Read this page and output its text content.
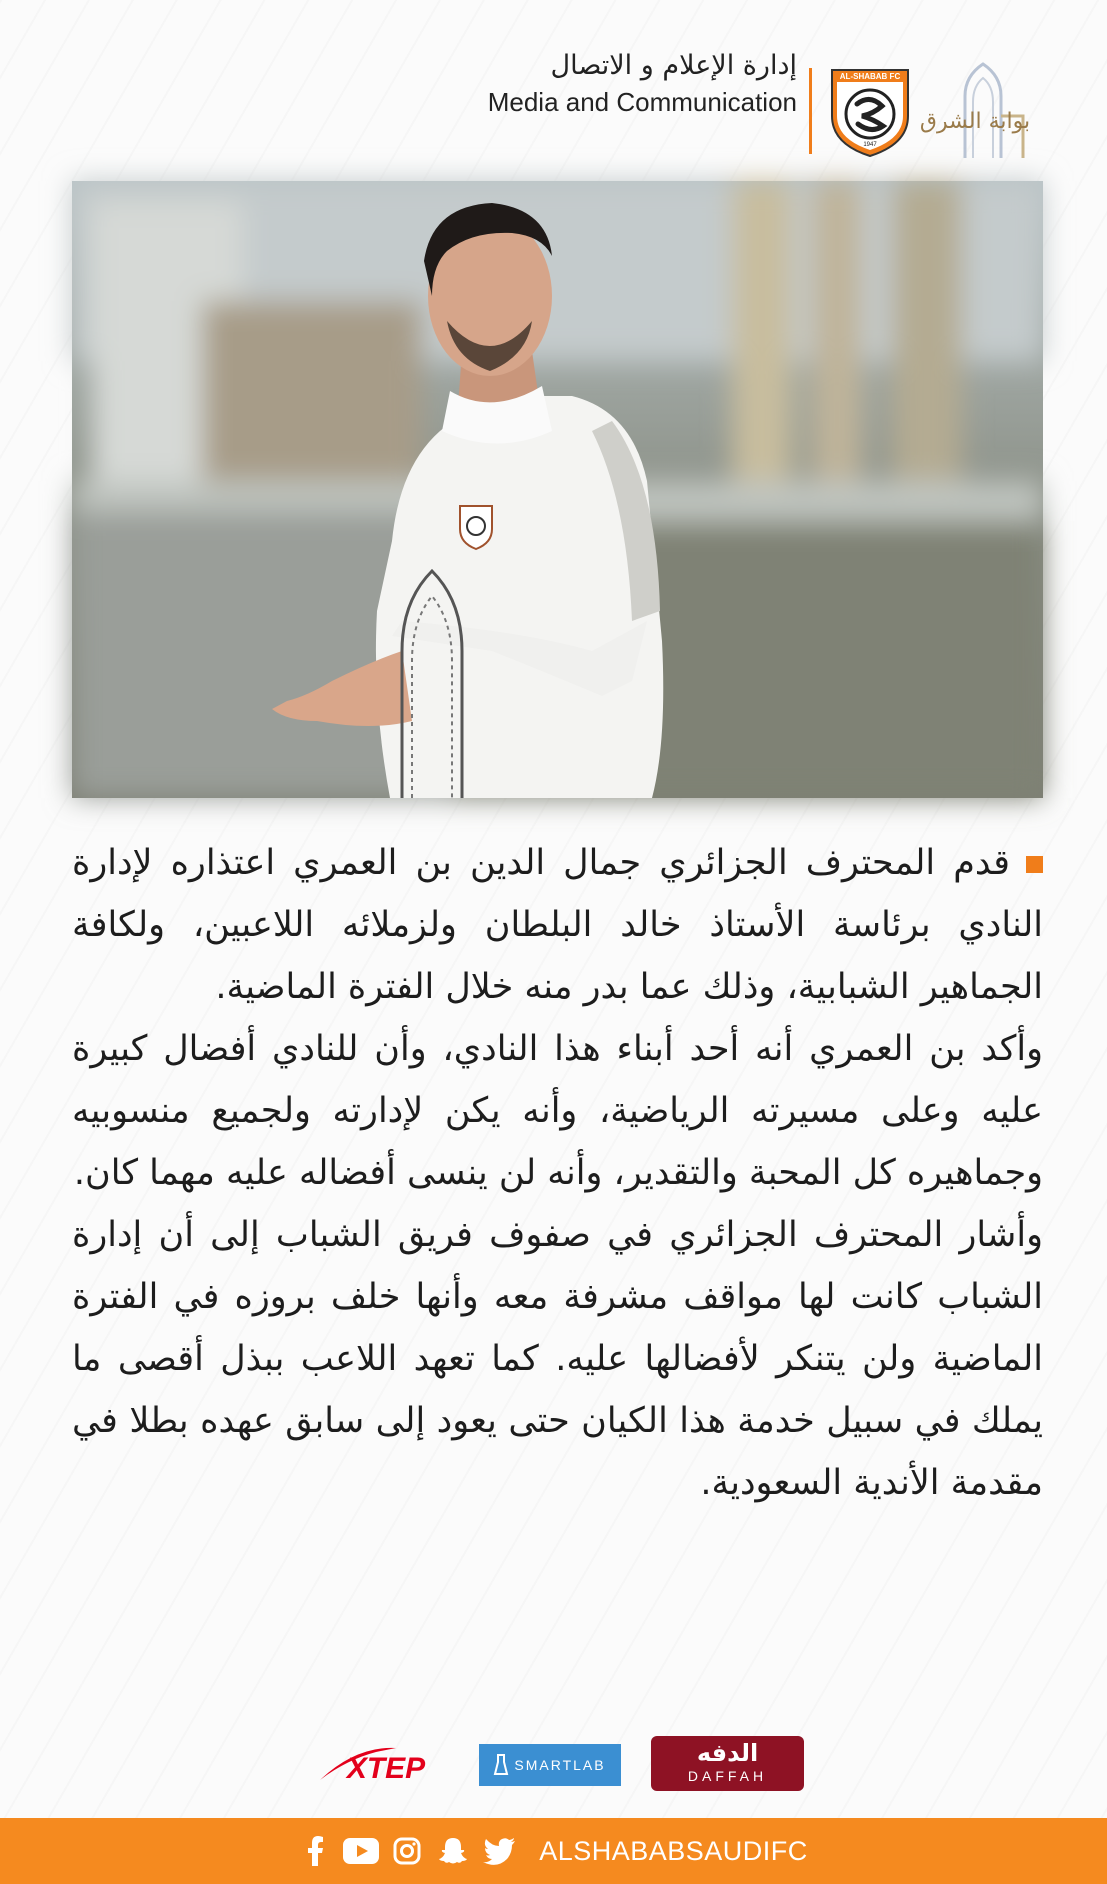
إدارة الإعلام و الاتصال
Media and Communication
AL-SHABAB FC
1947
بوابة الشرق

قدم المحترف الجزائري جمال الدين بن العمري اعتذاره لإدارة النادي برئاسة الأستاذ خالد البلطان ولزملائه اللاعبين، ولكافة الجماهير الشبابية، وذلك عما بدر منه خلال الفترة الماضية.

وأكد بن العمري أنه أحد أبناء هذا النادي، وأن للنادي أفضال كبيرة عليه وعلى مسيرته الرياضية، وأنه يكن لإدارته ولجميع منسوبيه وجماهيره كل المحبة والتقدير، وأنه لن ينسى أفضاله عليه مهما كان.

وأشار المحترف الجزائري في صفوف فريق الشباب إلى أن إدارة الشباب كانت لها مواقف مشرفة معه وأنها خلف بروزه في الفترة الماضية ولن يتنكر لأفضالها عليه. كما تعهد اللاعب ببذل أقصى ما يملك في سبيل خدمة هذا الكيان حتى يعود إلى سابق عهده بطلا في مقدمة الأندية السعودية.

XTEP	SMARTLAB	الدفه
DAFFAH
ALSHABABSAUDIFC
